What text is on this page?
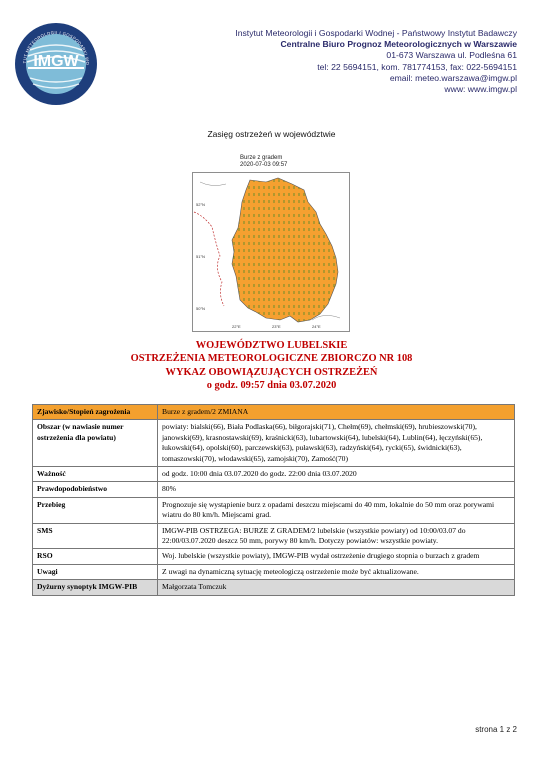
IMGW
TUT METEOROLOGII I GOSPODARKI WO
Instytut Meteorologii i Gospodarki Wodnej - Państwowy Instytut Badawczy
Centralne Biuro Prognoz Meteorologicznych w Warszawie
01-673 Warszawa ul. Podleśna 61
tel: 22 5694151, kom. 781774153, fax: 022-5694151
email: meteo.warszawa@imgw.pl
www: www.imgw.pl
Zasięg ostrzeżeń w województwie
Burze z gradem
2020-07-03 09:57
52°N
51°N
50°N
22°E	23°E	24°E
WOJEWÓDZTWO LUBELSKIE
OSTRZEŻENIA METEOROLOGICZNE ZBIORCZO NR 108
WYKAZ OBOWIĄZUJĄCYCH OSTRZEŻEŃ
o godz. 09:57 dnia 03.07.2020
Zjawisko/Stopień zagrożenia	Burze z gradem/2 ZMIANA
Obszar (w nawiasie numer ostrzeżenia dla powiatu)	powiaty: bialski(66), Biała Podlaska(66), biłgorajski(71), Chełm(69), chełmski(69), hrubieszowski(70), janowski(69), krasnostawski(69), kraśnicki(63), lubartowski(64), lubelski(64), Lublin(64), łęczyński(65), łukowski(64), opolski(60), parczewski(63), puławski(63), radzyński(64), rycki(65), świdnicki(63), tomaszowski(70), włodawski(65), zamojski(70), Zamość(70)
Ważność	od godz. 10:00 dnia 03.07.2020 do godz. 22:00 dnia 03.07.2020
Prawdopodobieństwo	80%
Przebieg	Prognozuje się wystąpienie burz z opadami deszczu miejscami do 40 mm, lokalnie do 50 mm oraz porywami wiatru do 80 km/h. Miejscami grad.
SMS	IMGW-PIB OSTRZEGA: BURZE Z GRADEM/2 lubelskie (wszystkie powiaty) od 10:00/03.07 do 22:00/03.07.2020 deszcz 50 mm, porywy 80 km/h. Dotyczy powiatów: wszystkie powiaty.
RSO	Woj. lubelskie (wszystkie powiaty), IMGW-PIB wydał ostrzeżenie drugiego stopnia o burzach z gradem
Uwagi	Z uwagi na dynamiczną sytuację meteologiczą ostrzeżenie może być aktualizowane.
Dyżurny synoptyk IMGW-PIB	Małgorzata Tomczuk
strona 1 z 2
